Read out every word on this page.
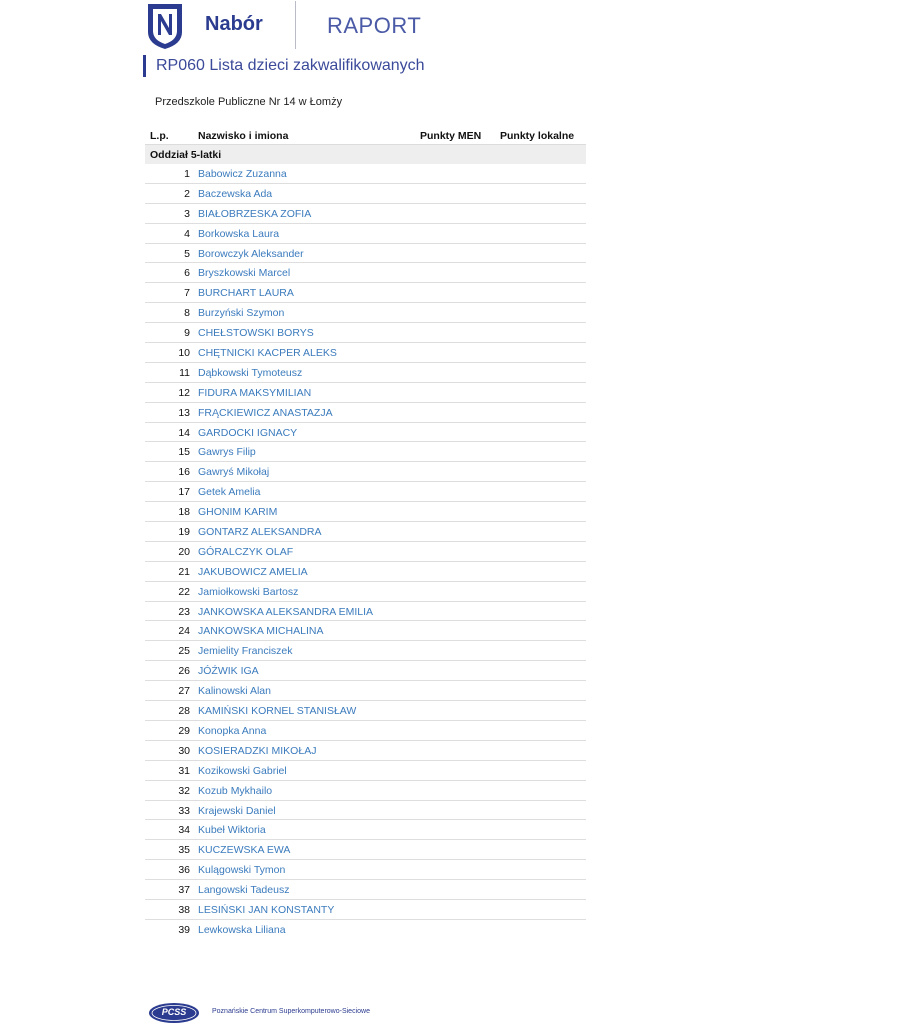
Nabór	RAPORT
RP060 Lista dzieci zakwalifikowanych
Przedszkole Publiczne Nr 14 w Łomży
L.p.	Nazwisko i imiona	Punkty MEN Punkty lokalne
Oddział 5-latki
1 Babowicz Zuzanna
2 Baczewska Ada
3 BIAŁOBRZESKA ZOFIA
4 Borkowska Laura
5 Borowczyk Aleksander
6 Bryszkowski Marcel
7 BURCHART LAURA
8 Burzyński Szymon
9 CHEŁSTOWSKI BORYS
10 CHĘTNICKI KACPER ALEKS
11 Dąbkowski Tymoteusz
12 FIDURA MAKSYMILIAN
13 FRĄCKIEWICZ ANASTAZJA
14 GARDOCKI IGNACY
15 Gawrys Filip
16 Gawryś Mikołaj
17 Getek Amelia
18 GHONIM KARIM
19 GONTARZ ALEKSANDRA
20 GÓRALCZYK OLAF
21 JAKUBOWICZ AMELIA
22 Jamiołkowski Bartosz
23 JANKOWSKA ALEKSANDRA EMILIA
24 JANKOWSKA MICHALINA
25 Jemielity Franciszek
26 JÓŹWIK IGA
27 Kalinowski Alan
28 KAMIŃSKI KORNEL STANISŁAW
29 Konopka Anna
30 KOSIERADZKI MIKOŁAJ
31 Kozikowski Gabriel
32 Kozub Mykhailo
33 Krajewski Daniel
34 Kubeł Wiktoria
35 KUCZEWSKA EWA
36 Kulągowski Tymon
37 Langowski Tadeusz
38 LESIŃSKI JAN KONSTANTY
39 Lewkowska Liliana
PCSS	Poznańskie Centrum Superkomputerowo-Sieciowe
